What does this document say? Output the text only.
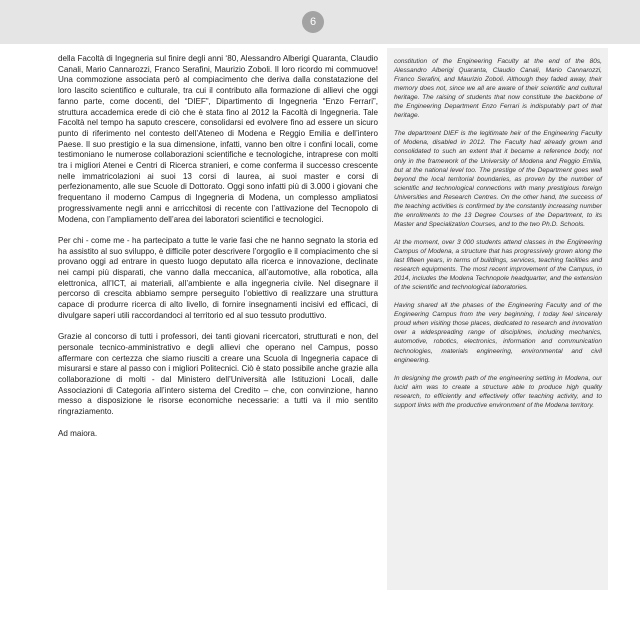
6

della Facoltà di Ingegneria sul finire degli anni ‘80, Alessandro Alberigi Quaranta, Claudio Canali, Mario Cannarozzi, Franco Serafini, Maurizio Zoboli. Il loro ricordo mi commuove! Una commozione associata però al compiacimento che deriva dalla constatazione del loro lascito scientifico e culturale, tra cui il contributo alla formazione di allievi che oggi fanno parte, come docenti, del “DIEF”, Dipartimento di Ingegneria “Enzo Ferrari”, struttura accademica erede di ciò che è stata fino al 2012 la Facoltà di Ingegneria. Tale Facoltà nel tempo ha saputo crescere, consolidarsi ed evolvere fino ad essere un sicuro punto di riferimento nel contesto dell’Ateneo di Modena e Reggio Emilia e dell’intero Paese. Il suo prestigio e la sua dimensione, infatti, vanno ben oltre i confini locali, come testimoniano le numerose collaborazioni scientifiche e tecnologiche, intraprese con molti tra i migliori Atenei e Centri di Ricerca stranieri, e come conferma il successo crescente nelle immatricolazioni ai suoi 13 corsi di laurea, ai suoi master e corsi di perfezionamento, alle sue Scuole di Dottorato. Oggi sono infatti più di 3.000 i giovani che frequentano il moderno Campus di Ingegneria di Modena, un complesso ampliatosi progressivamente negli anni e arricchitosi di recente con l’attivazione del Tecnopolo di Modena, con l’ampliamento dell’area dei laboratori scientifici e tecnologici.

Per chi - come me - ha partecipato a tutte le varie fasi che ne hanno segnato la storia ed ha assistito al suo sviluppo, è difficile poter descrivere l’orgoglio e il compiacimento che si provano oggi ad entrare in questo luogo deputato alla ricerca e innovazione, declinate nei campi più disparati, che vanno dalla meccanica, all’automotive, alla robotica, alla elettronica, all’ICT, ai materiali, all’ambiente e alla ingegneria civile. Nel disegnare il percorso di crescita abbiamo sempre perseguito l’obiettivo di realizzare una struttura capace di produrre ricerca di alto livello, di fornire insegnamenti incisivi ed efficaci, di divulgare saperi utili raccordandoci al territorio ed al suo tessuto produttivo.

Grazie al concorso di tutti i professori, dei tanti giovani ricercatori, strutturati e non, del personale tecnico-amministrativo e degli allievi che operano nel Campus, posso affermare con certezza che siamo riusciti a creare una Scuola di Ingegneria capace di misurarsi e stare al passo con i migliori Politecnici. Ciò è stato possibile anche grazie alla collaborazione di molti - dal Ministero dell’Università alle Istituzioni Locali, dalle Associazioni di Categoria all’intero sistema del Credito – che, con convinzione, hanno messo a disposizione le risorse economiche necessarie: a tutti va il mio sentito ringraziamento.

Ad maiora.

constitution of the Engineering Faculty at the end of the 80s, Alessandro Alberigi Quaranta, Claudio Canali, Mario Cannarozzi, Franco Serafini, and Maurizio Zoboli. Although they faded away, their memory does not, since we all are aware of their scientific and cultural heritage. The raising of students that now constitute the backbone of the Engineering Department Enzo Ferrari is indisputably part of that heritage.

The department DIEF is the legitimate heir of the Engineering Faculty of Modena, disabled in 2012. The Faculty had already grown and consolidated to such an extent that it became a reference body, not only in the framework of the University of Modena and Reggio Emilia, but at the national level too. The prestige of the Department goes well beyond the local territorial boundaries, as proven by the number of scientific and technological connections with many prestigious foreign Universities and Research Centres. On the other hand, the success of the teaching activities is confirmed by the constantly increasing number the enrollments to the 13 Degree Courses of the Department, to its Master and Specialization Courses, and to the two Ph.D. Schools.

At the moment, over 3 000 students attend classes in the Engineering Campus of Modena, a structure that has progressively grown along the last fifteen years, in terms of buildings, services, teaching facilities and research equipments. The most recent improvement of the Campus, in 2014, includes the Modena Technopole headquarter, and the extension of the scientific and technological laboratories.

Having shared all the phases of the Engineering Faculty and of the Engineering Campus from the very beginning, I today feel sincerely proud when visiting those places, dedicated to research and innovation over a widespreading range of disciplines, including mechanics, automotive, robotics, electronics, information and communication technologies, materials engineering, environmental and civil engineering.

In designing the growth path of the engineering setting in Modena, our lucid aim was to create a structure able to produce high quality research, to efficiently and effectively offer teaching activity, and to support links with the productive environment of the Modena territory.
